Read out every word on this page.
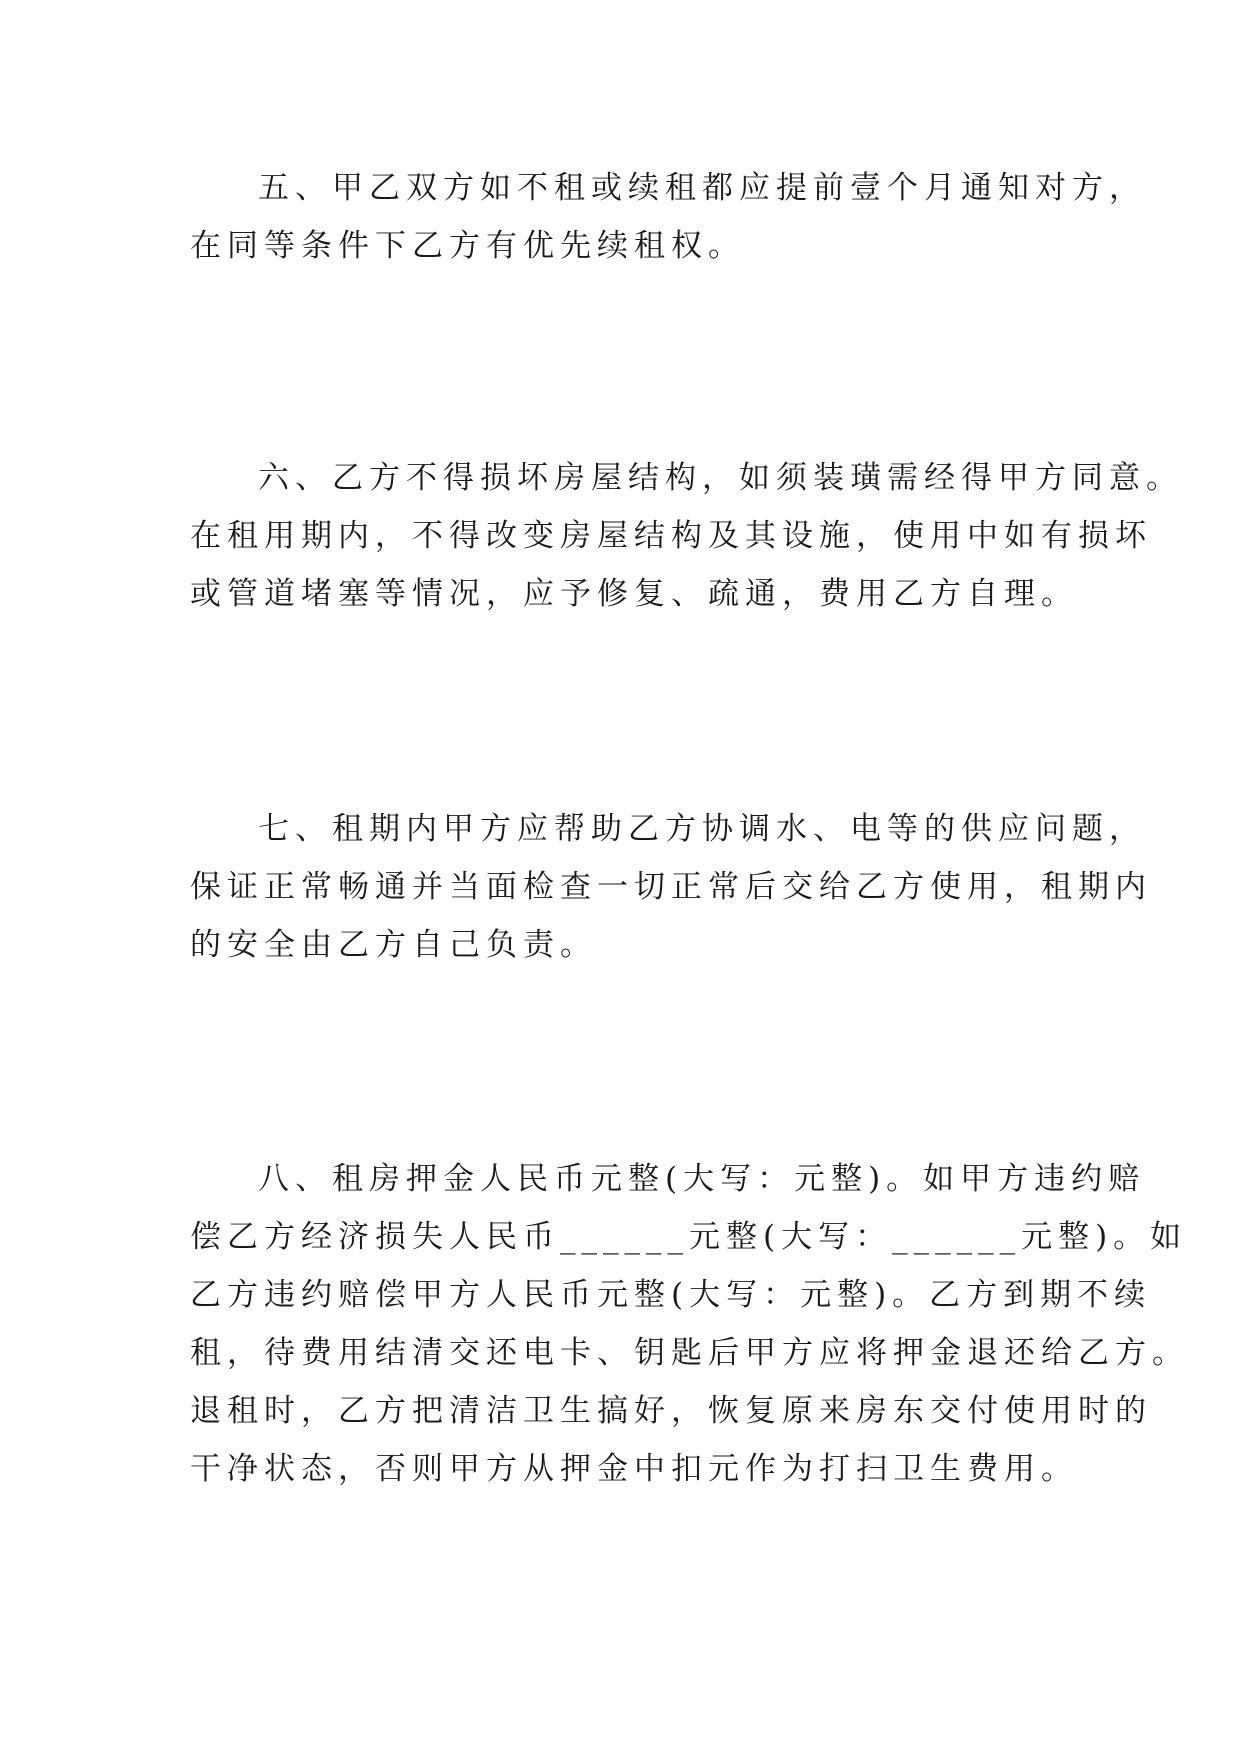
五、甲乙双方如不租或续租都应提前壹个月通知对方，
在同等条件下乙方有优先续租权。
六、乙方不得损坏房屋结构，如须装璜需经得甲方同意。
在租用期内，不得改变房屋结构及其设施，使用中如有损坏
或管道堵塞等情况，应予修复、疏通，费用乙方自理。
七、租期内甲方应帮助乙方协调水、电等的供应问题，
保证正常畅通并当面检查一切正常后交给乙方使用，租期内
的安全由乙方自己负责。
八、租房押金人民币元整(大写：元整)。如甲方违约赔
偿乙方经济损失人民币______元整(大写：______元整)。如
乙方违约赔偿甲方人民币元整(大写：元整)。乙方到期不续
租，待费用结清交还电卡、钥匙后甲方应将押金退还给乙方。
退租时，乙方把清洁卫生搞好，恢复原来房东交付使用时的
干净状态，否则甲方从押金中扣元作为打扫卫生费用。
